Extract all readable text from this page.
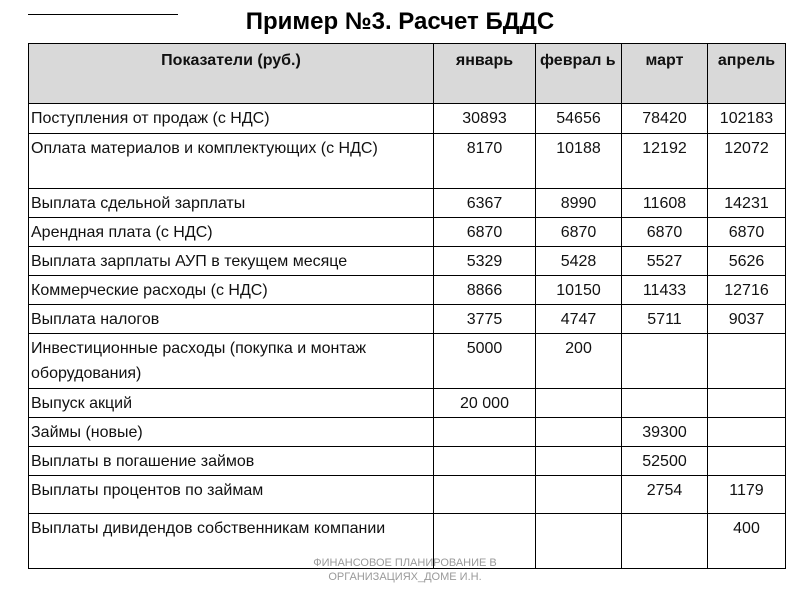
Пример №3. Расчет БДДС
Показатели (руб.)	январь	феврал ь	март	апрель
Поступления от продаж (с НДС)	30893	54656	78420	102183
Оплата материалов и комплектующих (с НДС)	8170	10188	12192	12072
Выплата сдельной зарплаты	6367	8990	11608	14231
Арендная плата (с НДС)	6870	6870	6870	6870
Выплата зарплаты АУП в текущем месяце	5329	5428	5527	5626
Коммерческие расходы (с НДС)	8866	10150	11433	12716
Выплата налогов	3775	4747	5711	9037
Инвестиционные расходы (покупка и монтаж оборудования)	5000	200		
Выпуск акций	20 000			
Займы (новые)			39300	
Выплаты в погашение займов			52500	
Выплаты процентов по займам			2754	1179
Выплаты дивидендов собственникам компании				400
ФИНАНСОВОЕ ПЛАНИРОВАНИЕ В ОРГАНИЗАЦИЯХ_ДОМЕ И.Н.
